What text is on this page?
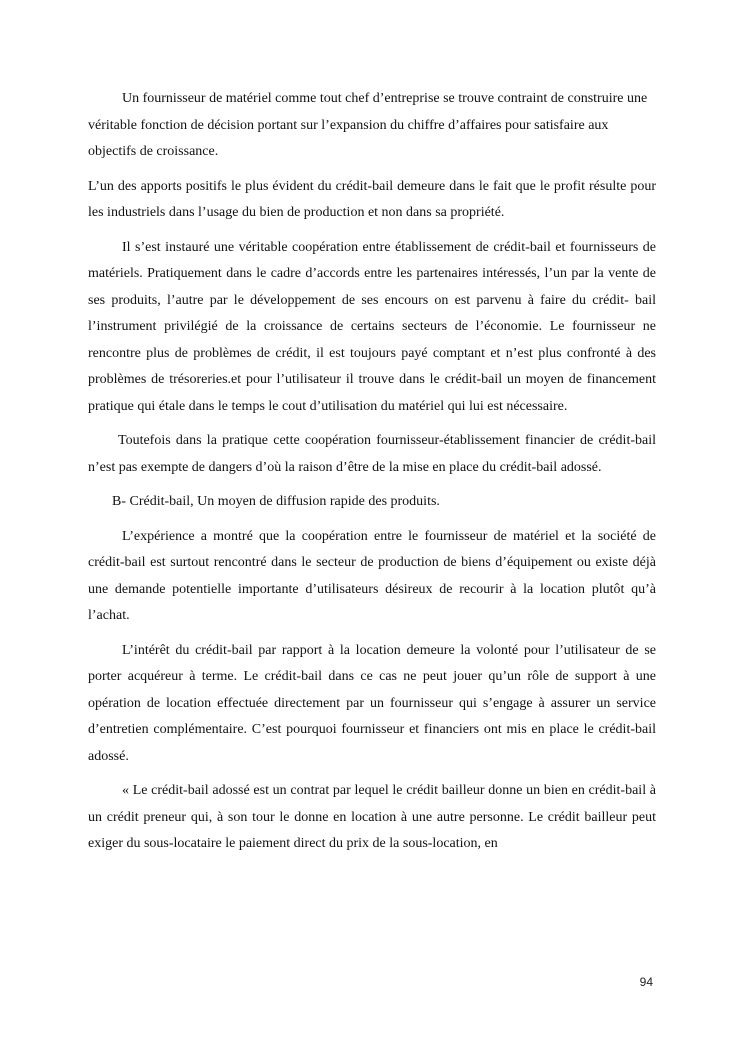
Un fournisseur de matériel comme tout chef d’entreprise se trouve contraint de construire une véritable fonction de décision portant sur l’expansion du chiffre d’affaires pour satisfaire aux objectifs de croissance.

L’un des apports positifs le plus évident du crédit-bail demeure dans le fait que le profit résulte pour les industriels dans l’usage du bien de production et non dans sa propriété.

Il s’est instauré une véritable coopération entre établissement de crédit-bail et fournisseurs de matériels. Pratiquement dans le cadre d’accords entre les partenaires intéressés, l’un par la vente de ses produits, l’autre par le développement de ses encours on est parvenu à faire du crédit- bail l’instrument privilégié de la croissance de certains secteurs de l’économie. Le fournisseur ne rencontre plus de problèmes de crédit, il est toujours payé comptant et n’est plus confronté à des problèmes de trésoreries.et pour l’utilisateur il trouve dans le crédit-bail un moyen de financement pratique qui étale dans le temps le cout d’utilisation du matériel qui lui est nécessaire.

Toutefois dans la pratique cette coopération fournisseur-établissement financier de crédit-bail n’est pas exempte de dangers d’où la raison d’être de la mise en place du crédit-bail adossé.

B- Crédit-bail, Un moyen de diffusion rapide des produits.

L’expérience a montré que la coopération entre le fournisseur de matériel et la société de crédit-bail est surtout rencontré dans le secteur de production de biens d’équipement ou existe déjà une demande potentielle importante d’utilisateurs désireux de recourir à la location plutôt qu’à l’achat.

L’intérêt du crédit-bail par rapport à la location demeure la volonté pour l’utilisateur de se porter acquéreur à terme. Le crédit-bail dans ce cas ne peut jouer qu’un rôle de support à une opération de location effectuée directement par un fournisseur qui s’engage à assurer un service d’entretien complémentaire. C’est pourquoi fournisseur et financiers ont mis en place le crédit-bail adossé.

« Le crédit-bail adossé est un contrat par lequel le crédit bailleur donne un bien en crédit-bail à un crédit preneur qui, à son tour le donne en location à une autre personne. Le crédit bailleur peut exiger du sous-locataire le paiement direct du prix de la sous-location, en

94
